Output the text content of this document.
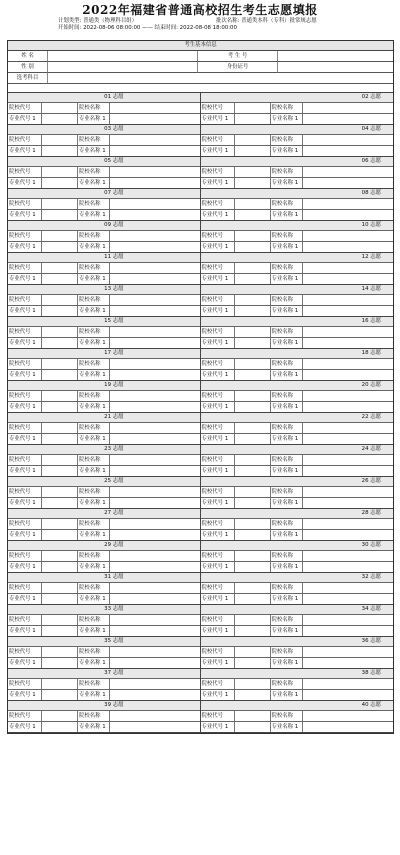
2022年福建省普通高校招生考生志愿填报
计划类型: 普通类（物理科目组）	批次名称: 普通类本科（专科）批常规志愿
开始时间: 2022-08-06 08:00:00 —— 结束时间: 2022-08-08 18:00:00
考生基本信息
姓 名	考 生 号
性 别	身份证号
选考科目
01 志愿
院校代号	院校名称
专业代号 1	专业名称 1
02 志愿
院校代号	院校名称
专业代号 1	专业名称 1
03 志愿
院校代号	院校名称
专业代号 1	专业名称 1
04 志愿
院校代号	院校名称
专业代号 1	专业名称 1
05 志愿
院校代号	院校名称
专业代号 1	专业名称 1
06 志愿
院校代号	院校名称
专业代号 1	专业名称 1
07 志愿
院校代号	院校名称
专业代号 1	专业名称 1
08 志愿
院校代号	院校名称
专业代号 1	专业名称 1
09 志愿
院校代号	院校名称
专业代号 1	专业名称 1
10 志愿
院校代号	院校名称
专业代号 1	专业名称 1
11 志愿
院校代号	院校名称
专业代号 1	专业名称 1
12 志愿
院校代号	院校名称
专业代号 1	专业名称 1
13 志愿
院校代号	院校名称
专业代号 1	专业名称 1
14 志愿
院校代号	院校名称
专业代号 1	专业名称 1
15 志愿
院校代号	院校名称
专业代号 1	专业名称 1
16 志愿
院校代号	院校名称
专业代号 1	专业名称 1
17 志愿
院校代号	院校名称
专业代号 1	专业名称 1
18 志愿
院校代号	院校名称
专业代号 1	专业名称 1
19 志愿
院校代号	院校名称
专业代号 1	专业名称 1
20 志愿
院校代号	院校名称
专业代号 1	专业名称 1
21 志愿
院校代号	院校名称
专业代号 1	专业名称 1
22 志愿
院校代号	院校名称
专业代号 1	专业名称 1
23 志愿
院校代号	院校名称
专业代号 1	专业名称 1
24 志愿
院校代号	院校名称
专业代号 1	专业名称 1
25 志愿
院校代号	院校名称
专业代号 1	专业名称 1
26 志愿
院校代号	院校名称
专业代号 1	专业名称 1
27 志愿
院校代号	院校名称
专业代号 1	专业名称 1
28 志愿
院校代号	院校名称
专业代号 1	专业名称 1
29 志愿
院校代号	院校名称
专业代号 1	专业名称 1
30 志愿
院校代号	院校名称
专业代号 1	专业名称 1
31 志愿
院校代号	院校名称
专业代号 1	专业名称 1
32 志愿
院校代号	院校名称
专业代号 1	专业名称 1
33 志愿
院校代号	院校名称
专业代号 1	专业名称 1
34 志愿
院校代号	院校名称
专业代号 1	专业名称 1
35 志愿
院校代号	院校名称
专业代号 1	专业名称 1
36 志愿
院校代号	院校名称
专业代号 1	专业名称 1
37 志愿
院校代号	院校名称
专业代号 1	专业名称 1
38 志愿
院校代号	院校名称
专业代号 1	专业名称 1
39 志愿
院校代号	院校名称
专业代号 1	专业名称 1
40 志愿
院校代号	院校名称
专业代号 1	专业名称 1
